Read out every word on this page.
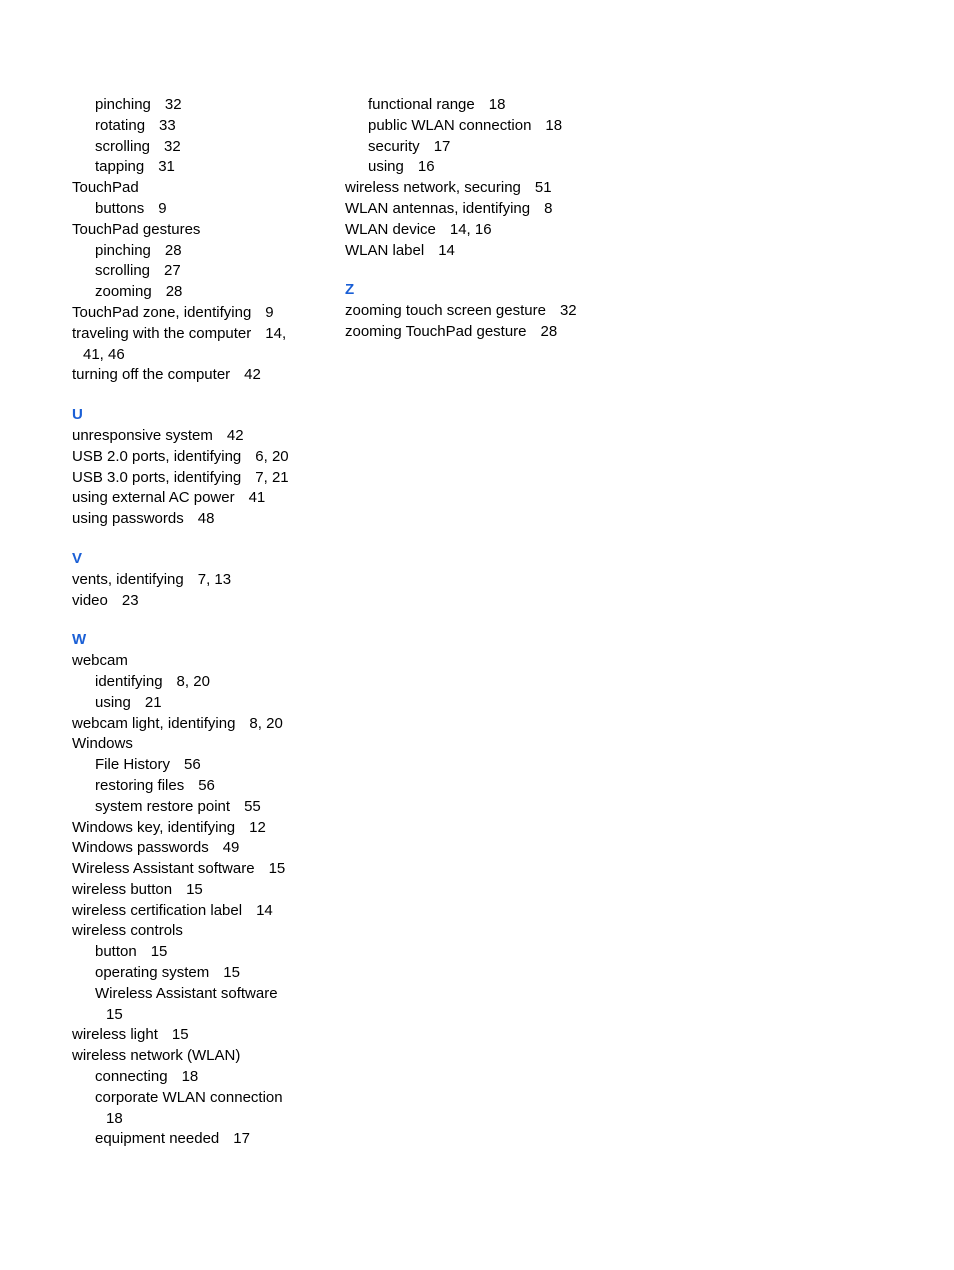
pinching 32
rotating 33
scrolling 32
tapping 31
TouchPad
buttons 9
TouchPad gestures
pinching 28
scrolling 27
zooming 28
TouchPad zone, identifying 9
traveling with the computer 14,
41, 46
turning off the computer 42
U
unresponsive system 42
USB 2.0 ports, identifying 6, 20
USB 3.0 ports, identifying 7, 21
using external AC power 41
using passwords 48
V
vents, identifying 7, 13
video 23
W
webcam
identifying 8, 20
using 21
webcam light, identifying 8, 20
Windows
File History 56
restoring files 56
system restore point 55
Windows key, identifying 12
Windows passwords 49
Wireless Assistant software 15
wireless button 15
wireless certification label 14
wireless controls
button 15
operating system 15
Wireless Assistant software
15
wireless light 15
wireless network (WLAN)
connecting 18
corporate WLAN connection
18
equipment needed 17
functional range 18
public WLAN connection 18
security 17
using 16
wireless network, securing 51
WLAN antennas, identifying 8
WLAN device 14, 16
WLAN label 14
Z
zooming touch screen gesture 32
zooming TouchPad gesture 28
